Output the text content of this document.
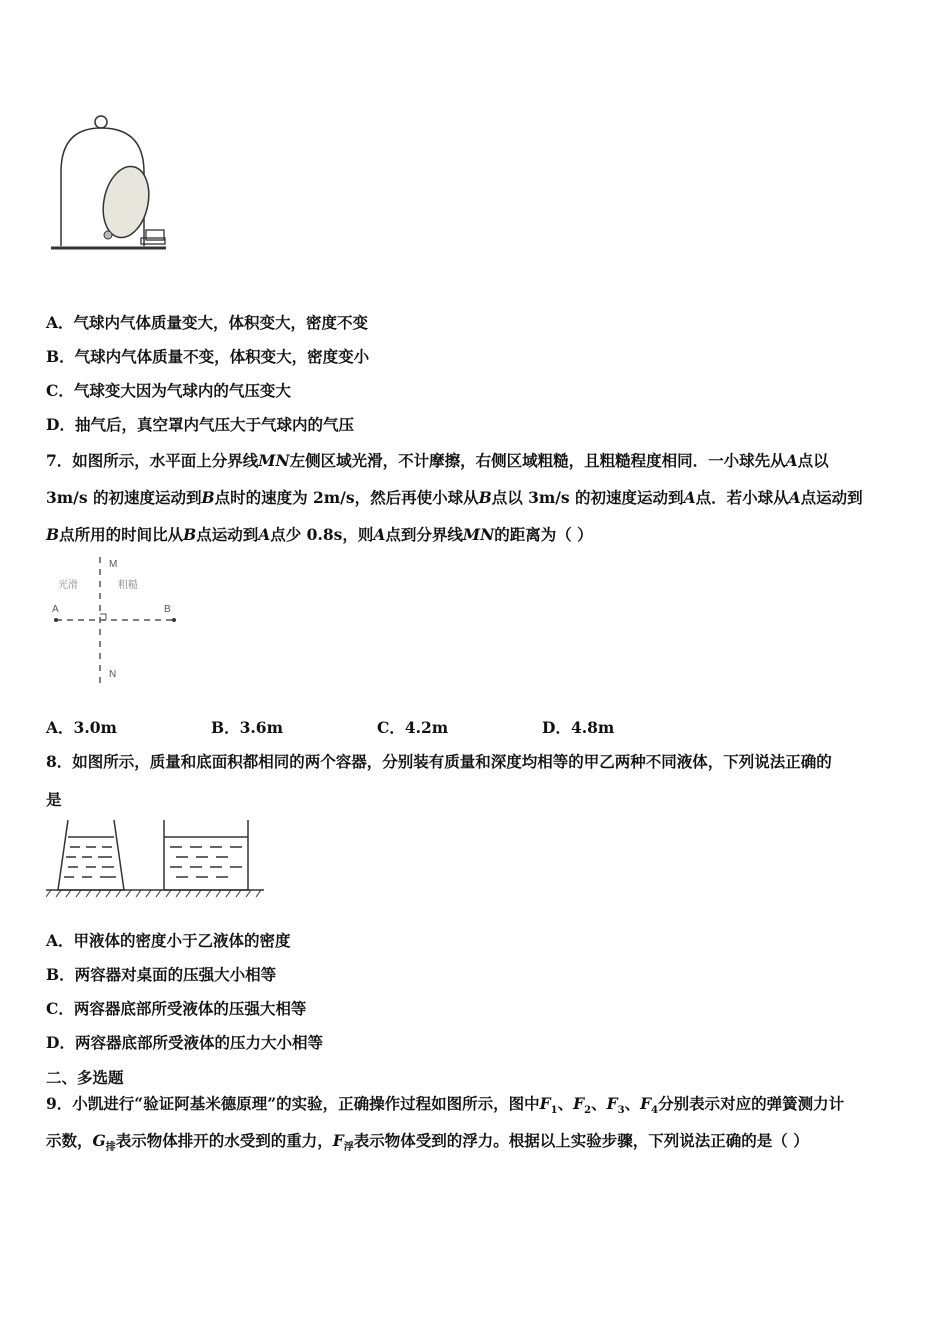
A．气球内气体质量变大，体积变大，密度不变
B．气球内气体质量不变，体积变大，密度变小
C．气球变大因为气球内的气压变大
D．抽气后，真空罩内气压大于气球内的气压
7．如图所示，水平面上分界线MN左侧区域光滑，不计摩擦，右侧区域粗糙，且粗糙程度相同．一小球先从A点以
3m/s 的初速度运动到B点时的速度为 2m/s，然后再使小球从B点以 3m/s 的初速度运动到A点．若小球从A点运动到
B点所用的时间比从B点运动到A点少 0.8s，则A点到分界线MN的距离为（ ）
M
N
A	B
光滑	粗糙
A．3.0m	B．3.6m	C．4.2m	D．4.8m
8．如图所示，质量和底面积都相同的两个容器，分别装有质量和深度均相等的甲乙两种不同液体，下列说法正确的
是
A．甲液体的密度小于乙液体的密度
B．两容器对桌面的压强大小相等
C．两容器底部所受液体的压强大相等
D．两容器底部所受液体的压力大小相等
二、多选题
9．小凯进行“验证阿基米德原理”的实验，正确操作过程如图所示，图中$F_1$、$F_2$、$F_3$、$F_4$分别表示对应的弹簧测力计
示数，$G_排$表示物体排开的水受到的重力，$F_浮$表示物体受到的浮力。根据以上实验步骤，下列说法正确的是（ ）
